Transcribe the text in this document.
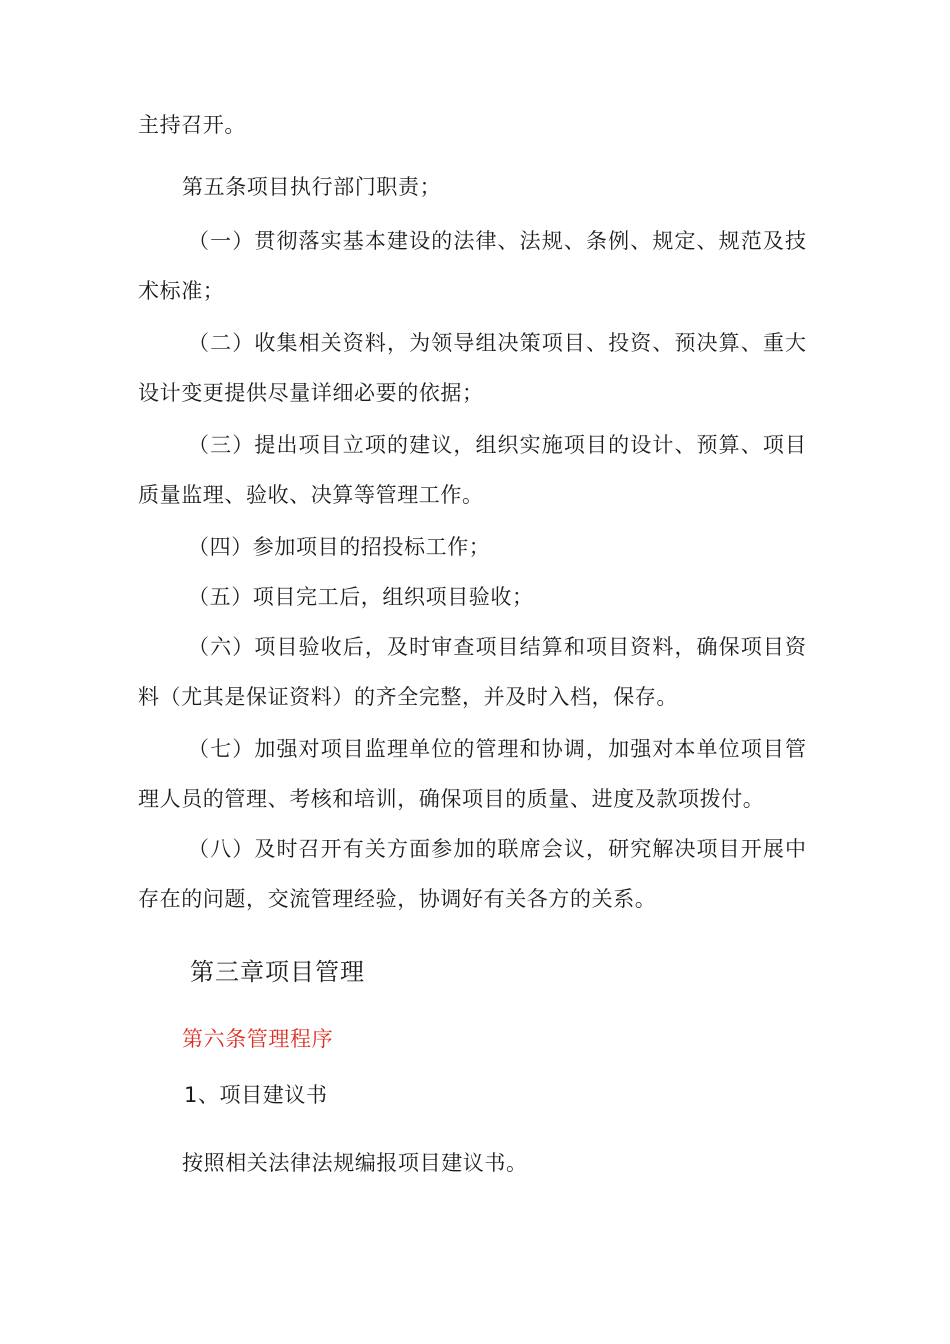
主持召开。
第五条项目执行部门职责；
（一）贯彻落实基本建设的法律、法规、条例、规定、规范及技
术标准；
（二）收集相关资料，为领导组决策项目、投资、预决算、重大
设计变更提供尽量详细必要的依据；
（三）提出项目立项的建议，组织实施项目的设计、预算、项目
质量监理、验收、决算等管理工作。
（四）参加项目的招投标工作；
（五）项目完工后，组织项目验收；
（六）项目验收后，及时审查项目结算和项目资料，确保项目资
料（尤其是保证资料）的齐全完整，并及时入档，保存。
（七）加强对项目监理单位的管理和协调，加强对本单位项目管
理人员的管理、考核和培训，确保项目的质量、进度及款项拨付。
（八）及时召开有关方面参加的联席会议，研究解决项目开展中
存在的问题，交流管理经验，协调好有关各方的关系。
第三章项目管理
第六条管理程序
1、项目建议书
按照相关法律法规编报项目建议书。
